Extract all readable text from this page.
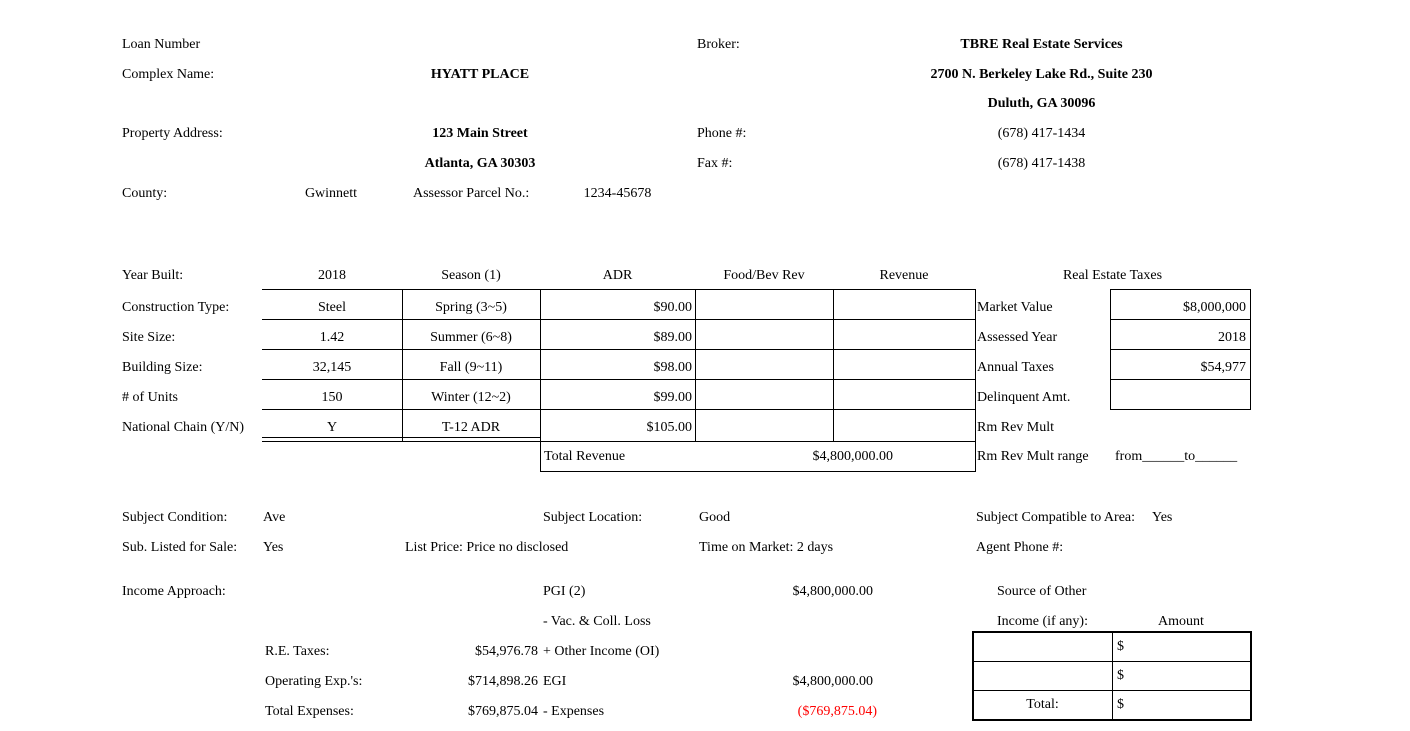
Loan Number
Complex Name:	HYATT PLACE
Property Address:	123 Main Street
Atlanta, GA 30303
County:	Gwinnett	Assessor Parcel No.:	1234-45678
Broker:	TBRE Real Estate Services
2700 N. Berkeley Lake Rd., Suite 230
Duluth, GA 30096
Phone #:	(678) 417-1434
Fax #:	(678) 417-1438
Year Built:	2018	Season (1)	ADR	Food/Bev Rev	Revenue
Construction Type:	Steel	Spring (3~5)	$90.00
Site Size:	1.42	Summer (6~8)	$89.00
Building Size:	32,145	Fall (9~11)	$98.00
# of Units	150	Winter (12~2)	$99.00
National Chain (Y/N)	Y	T-12 ADR	$105.00
Total Revenue	$4,800,000.00
Real Estate Taxes
Market Value	$8,000,000
Assessed Year	2018
Annual Taxes	$54,977
Delinquent Amt.
Rm Rev Mult
Rm Rev Mult range from______to______
Subject Condition:	Ave	Subject Location:	Good	Subject Compatible to Area: Yes
Sub. Listed for Sale: Yes	List Price: Price no disclosed	Time on Market: 2 days	Agent Phone #:
Income Approach:	PGI (2)	$4,800,000.00
- Vac. & Coll. Loss
R.E. Taxes:	$54,976.78 + Other Income (OI)
Operating Exp.'s:	$714,898.26 EGI	$4,800,000.00
Total Expenses:	$769,875.04 - Expenses	($769,875.04)
Source of Other
Income (if any):	Amount
$
$
Total:	$
